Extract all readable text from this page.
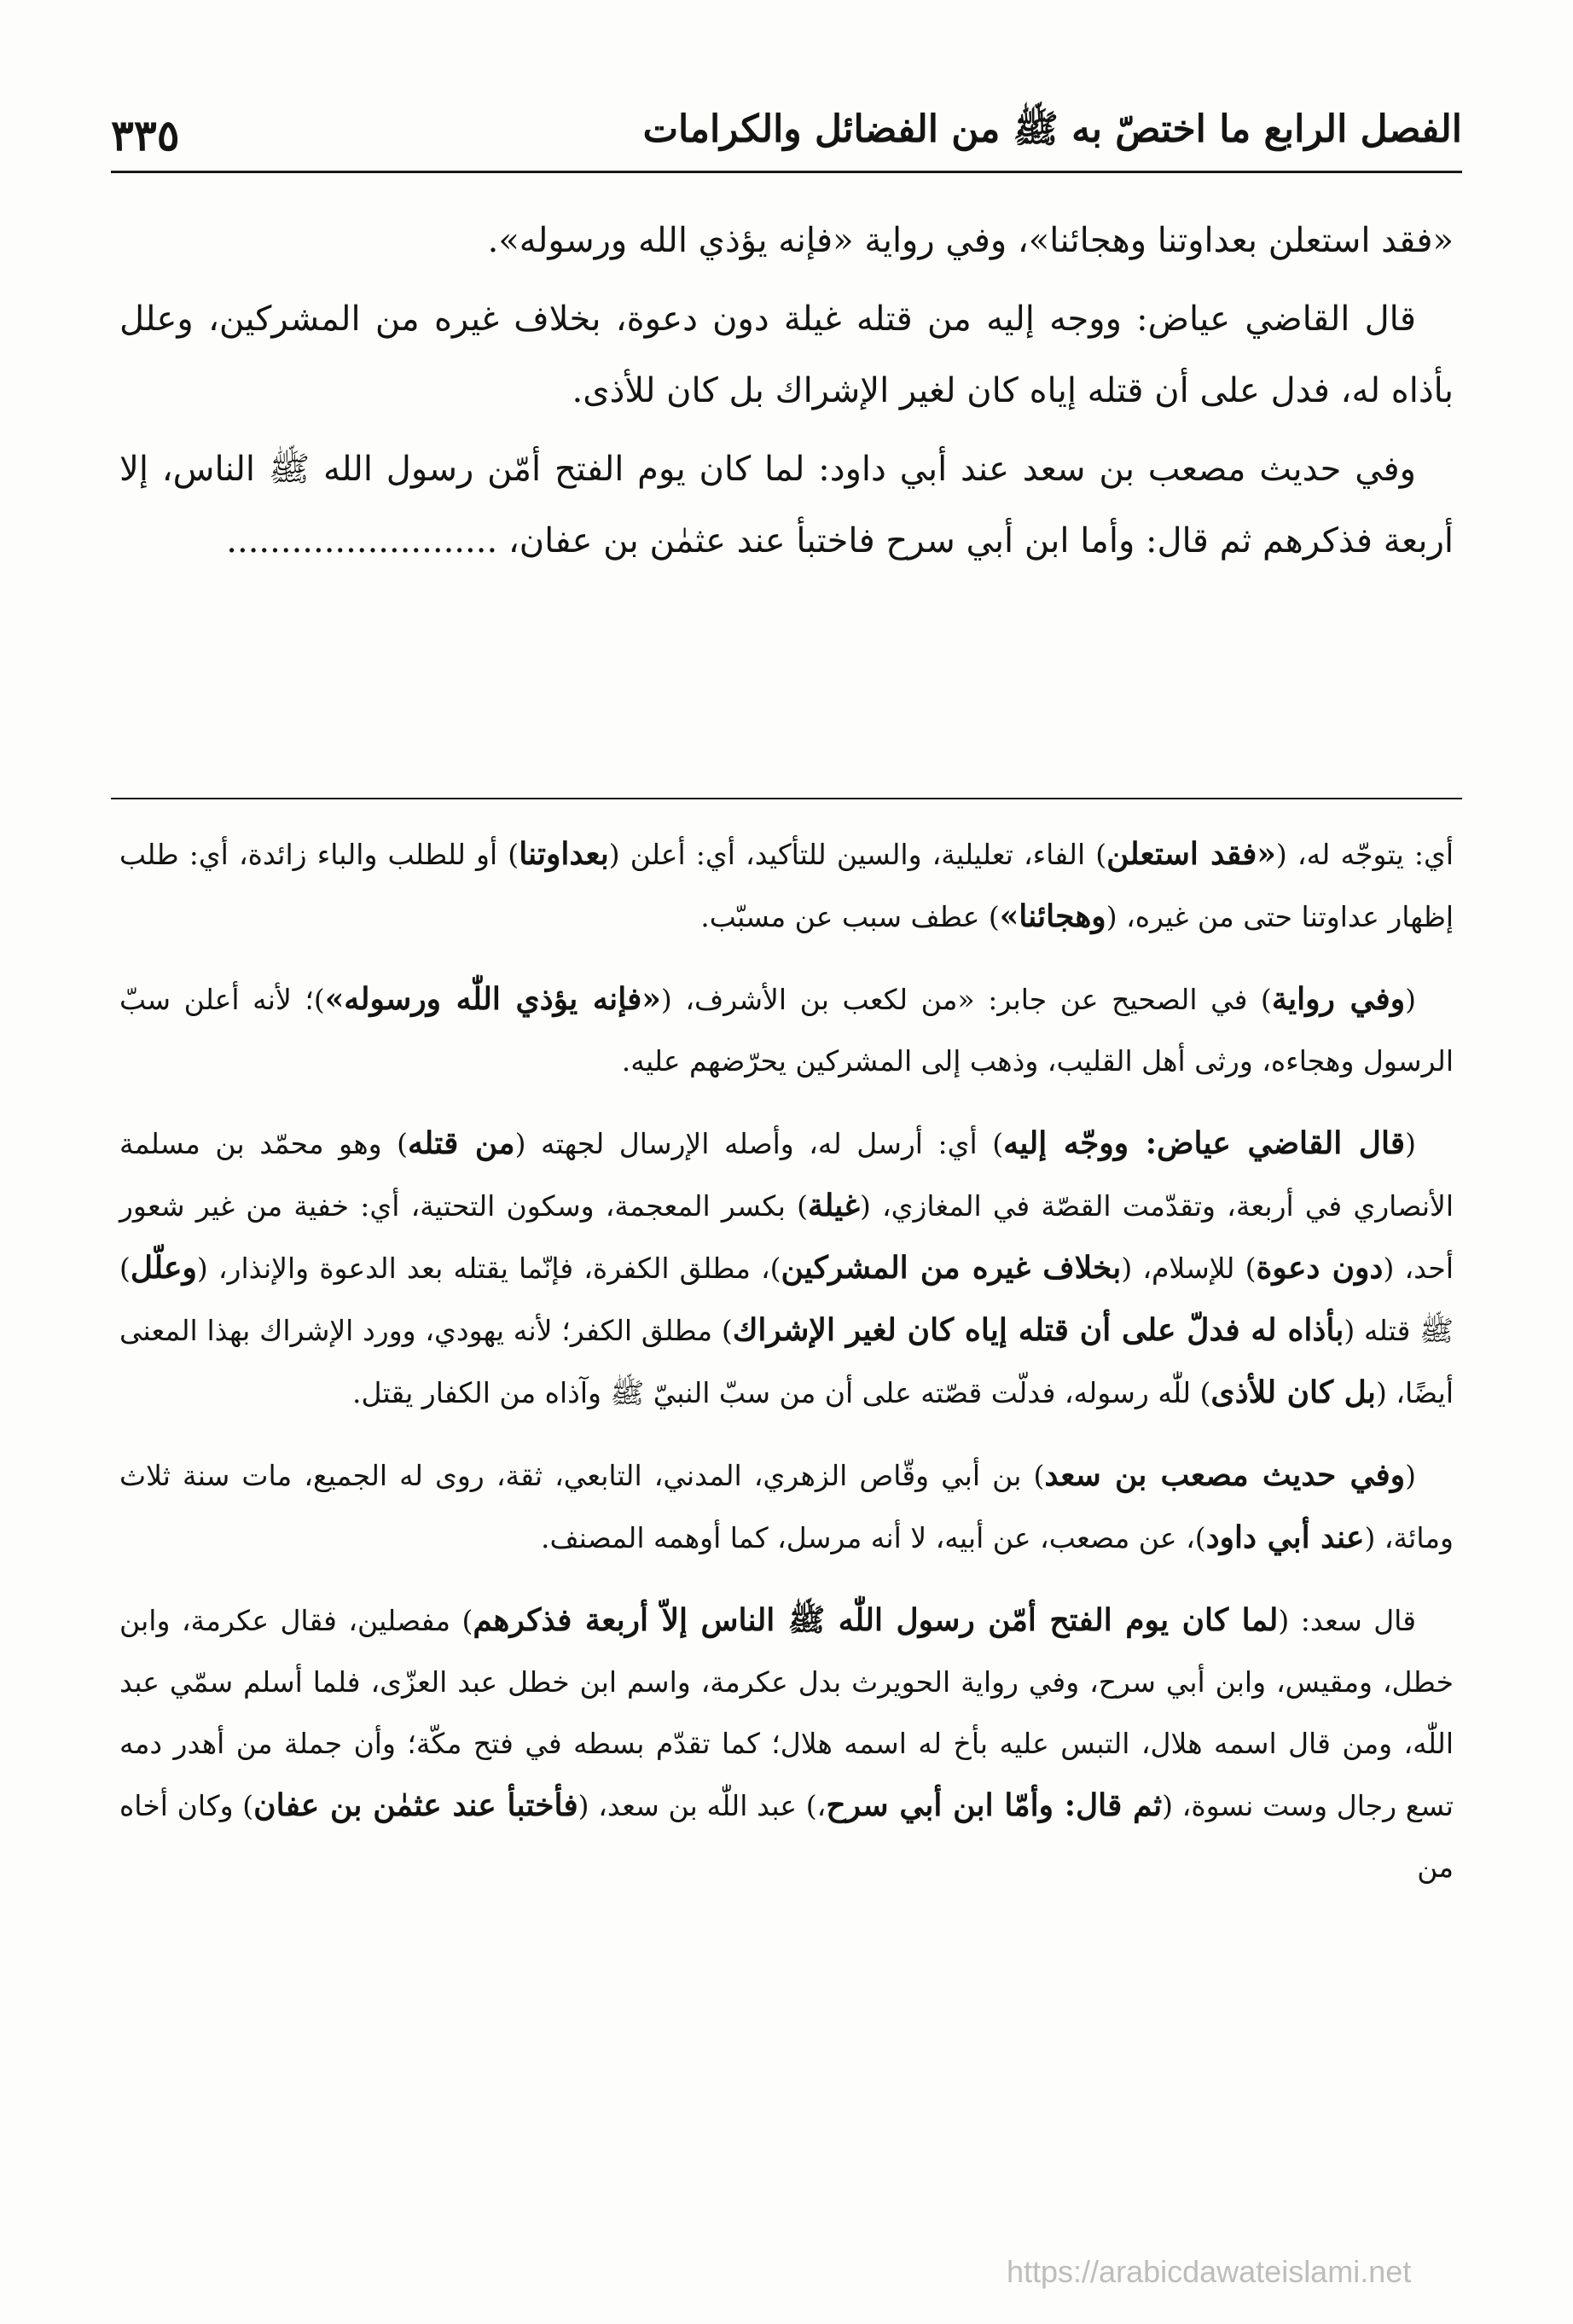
الفصل الرابع ما اختصّ به ﷺ من الفضائل والكرامات
٣٣٥

«فقد استعلن بعداوتنا وهجائنا»، وفي رواية «فإنه يؤذي الله ورسوله».

قال القاضي عياض: ووجه إليه من قتله غيلة دون دعوة، بخلاف غيره من المشركين، وعلل بأذاه له، فدل على أن قتله إياه كان لغير الإشراك بل كان للأذى.

وفي حديث مصعب بن سعد عند أبي داود: لما كان يوم الفتح أمّن رسول الله ﷺ الناس، إلا أربعة فذكرهم ثم قال: وأما ابن أبي سرح فاختبأ عند عثمٰن بن عفان، .........................

أي: يتوجّه له، («فقد استعلن) الفاء، تعليلية، والسين للتأكيد، أي: أعلن (بعداوتنا) أو للطلب والباء زائدة، أي: طلب إظهار عداوتنا حتى من غيره، (وهجائنا») عطف سبب عن مسبّب.

(وفي رواية) في الصحيح عن جابر: «من لكعب بن الأشرف، («فإنه يؤذي اللّٰه ورسوله»)؛ لأنه أعلن سبّ الرسول وهجاءه، ورثى أهل القليب، وذهب إلى المشركين يحرّضهم عليه.

(قال القاضي عياض: ووجّه إليه) أي: أرسل له، وأصله الإرسال لجهته (من قتله) وهو محمّد بن مسلمة الأنصاري في أربعة، وتقدّمت القصّة في المغازي، (غيلة) بكسر المعجمة، وسكون التحتية، أي: خفية من غير شعور أحد، (دون دعوة) للإسلام، (بخلاف غيره من المشركين)، مطلق الكفرة، فإنّما يقتله بعد الدعوة والإنذار، (وعلّل) ﷺ قتله (بأذاه له فدلّ على أن قتله إياه كان لغير الإشراك) مطلق الكفر؛ لأنه يهودي، وورد الإشراك بهذا المعنى أيضًا، (بل كان للأذى) للّٰه رسوله، فدلّت قصّته على أن من سبّ النبيّ ﷺ وآذاه من الكفار يقتل.

(وفي حديث مصعب بن سعد) بن أبي وقّاص الزهري، المدني، التابعي، ثقة، روى له الجميع، مات سنة ثلاث ومائة، (عند أبي داود)، عن مصعب، عن أبيه، لا أنه مرسل، كما أوهمه المصنف.

قال سعد: (لما كان يوم الفتح أمّن رسول اللّٰه ﷺ الناس إلاّ أربعة فذكرهم) مفصلين، فقال عكرمة، وابن خطل، ومقيس، وابن أبي سرح، وفي رواية الحويرث بدل عكرمة، واسم ابن خطل عبد العزّى، فلما أسلم سمّي عبد اللّٰه، ومن قال اسمه هلال، التبس عليه بأخ له اسمه هلال؛ كما تقدّم بسطه في فتح مكّة؛ وأن جملة من أهدر دمه تسع رجال وست نسوة، (ثم قال: وأمّا ابن أبي سرح،) عبد اللّٰه بن سعد، (فأختبأ عند عثمٰن بن عفان) وكان أخاه من

https://arabicdawateislami.net
